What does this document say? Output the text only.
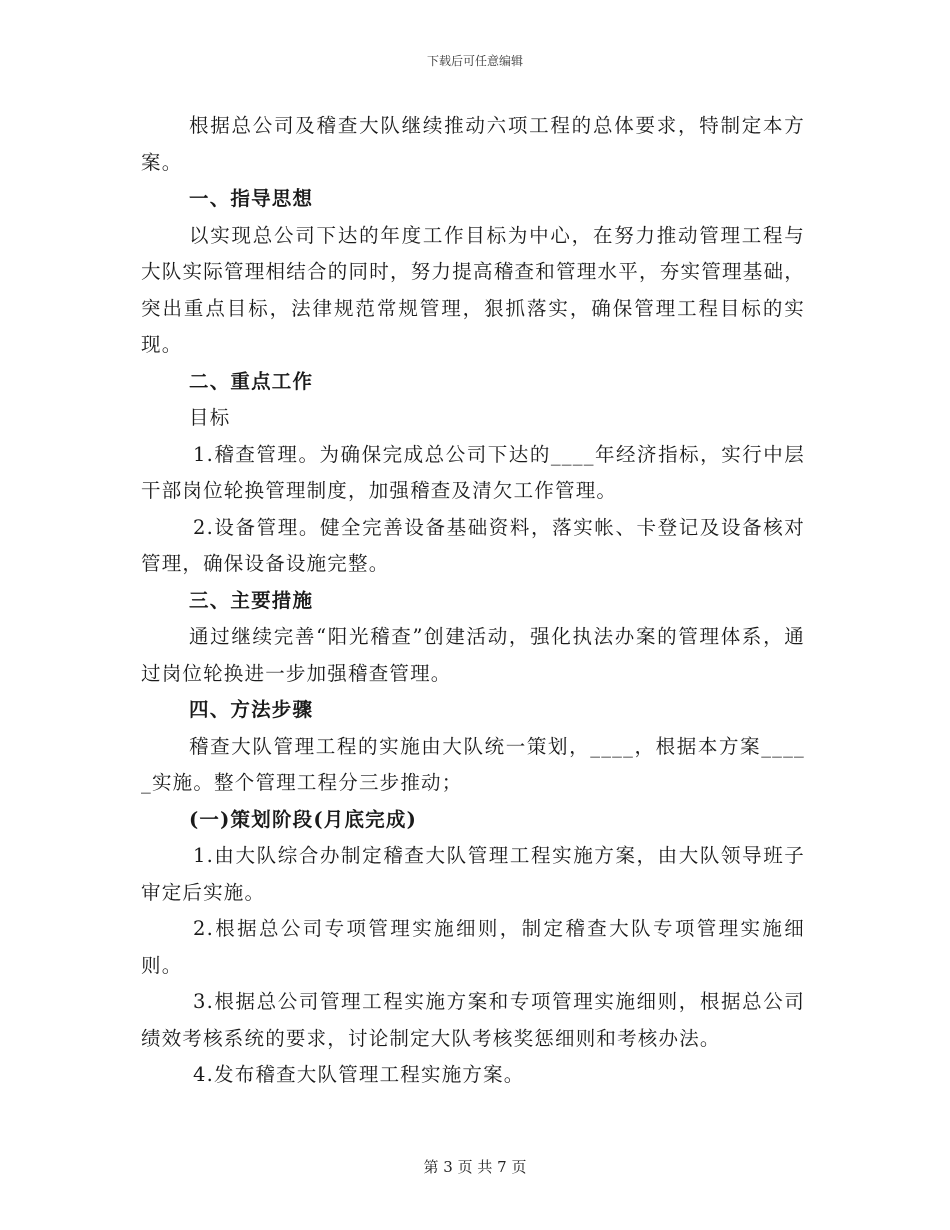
下载后可任意编辑

根据总公司及稽查大队继续推动六项工程的总体要求，特制定本方案。

一、指导思想

以实现总公司下达的年度工作目标为中心，在努力推动管理工程与大队实际管理相结合的同时，努力提高稽查和管理水平，夯实管理基础，突出重点目标，法律规范常规管理，狠抓落实，确保管理工程目标的实现。

二、重点工作

目标

1.稽查管理。为确保完成总公司下达的____年经济指标，实行中层干部岗位轮换管理制度，加强稽查及清欠工作管理。

2.设备管理。健全完善设备基础资料，落实帐、卡登记及设备核对管理，确保设备设施完整。

三、主要措施

通过继续完善“阳光稽查”创建活动，强化执法办案的管理体系，通过岗位轮换进一步加强稽查管理。

四、方法步骤

稽查大队管理工程的实施由大队统一策划，____，根据本方案_____实施。整个管理工程分三步推动；

(一)策划阶段(月底完成)

1.由大队综合办制定稽查大队管理工程实施方案，由大队领导班子审定后实施。

2.根据总公司专项管理实施细则，制定稽查大队专项管理实施细则。

3.根据总公司管理工程实施方案和专项管理实施细则，根据总公司绩效考核系统的要求，讨论制定大队考核奖惩细则和考核办法。

4.发布稽查大队管理工程实施方案。

第 3 页 共 7 页
